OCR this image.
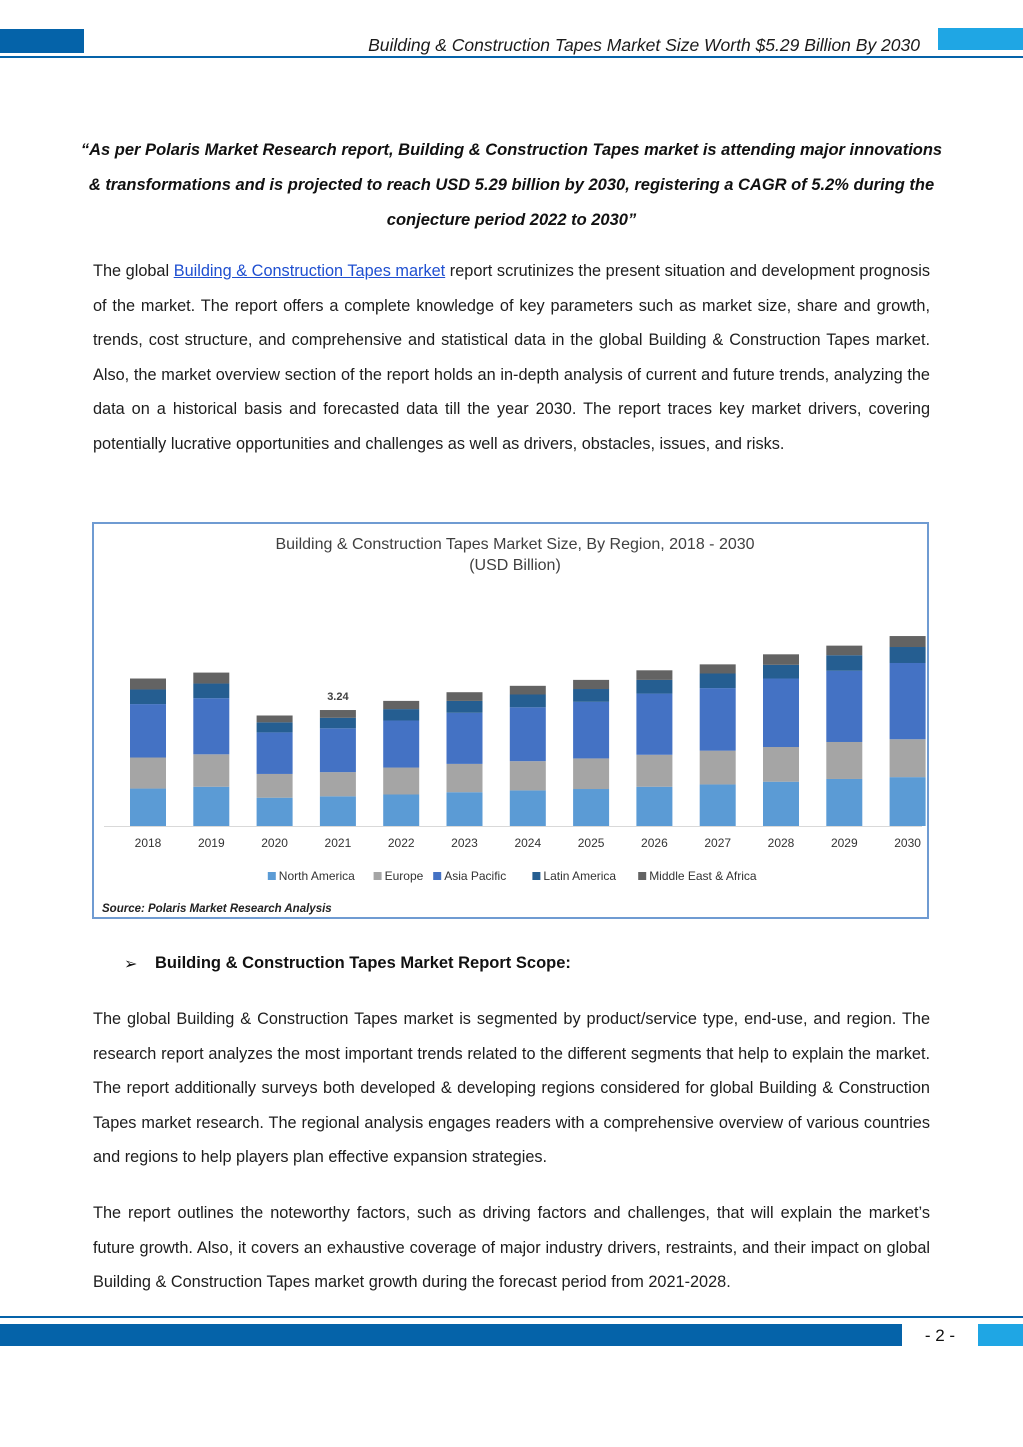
Building & Construction Tapes Market Size Worth $5.29 Billion By 2030
“As per Polaris Market Research report, Building & Construction Tapes market is attending major innovations & transformations and is projected to reach USD 5.29 billion by 2030, registering a CAGR of 5.2% during the conjecture period 2022 to 2030”
The global Building & Construction Tapes market report scrutinizes the present situation and development prognosis of the market. The report offers a complete knowledge of key parameters such as market size, share and growth, trends, cost structure, and comprehensive and statistical data in the global Building & Construction Tapes market. Also, the market overview section of the report holds an in-depth analysis of current and future trends, analyzing the data on a historical basis and forecasted data till the year 2030. The report traces key market drivers, covering potentially lucrative opportunities and challenges as well as drivers, obstacles, issues, and risks.
Building & Construction Tapes Market Size, By Region, 2018 - 2030
(USD Billion)
2018	2019	2020	2021
3.24
2022	2023	2024	2025	2026	2027	2028	2029	2030
North America Europe Asia Pacific	Latin America	Middle East & Africa
Source: Polaris Market Research Analysis
➢ Building & Construction Tapes Market Report Scope:
The global Building & Construction Tapes market is segmented by product/service type, end-use, and region. The research report analyzes the most important trends related to the different segments that help to explain the market. The report additionally surveys both developed & developing regions considered for global Building & Construction Tapes market research. The regional analysis engages readers with a comprehensive overview of various countries and regions to help players plan effective expansion strategies.
The report outlines the noteworthy factors, such as driving factors and challenges, that will explain the market’s future growth. Also, it covers an exhaustive coverage of major industry drivers, restraints, and their impact on global Building & Construction Tapes market growth during the forecast period from 2021-2028.
- 2 -
